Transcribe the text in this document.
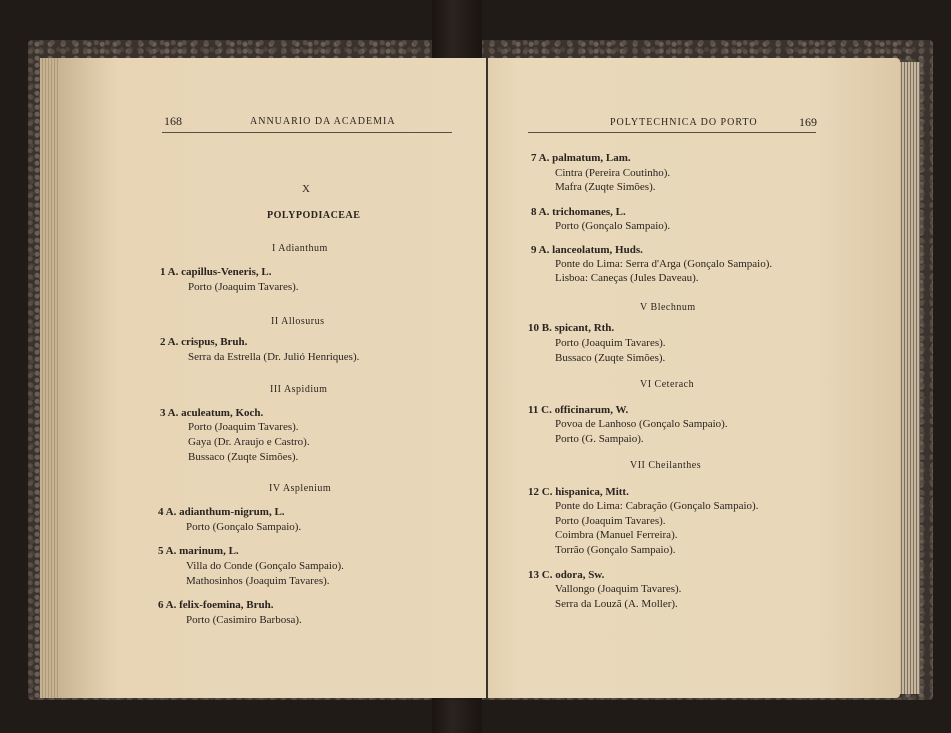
168	ANNUARIO DA ACADEMIA
X
POLYPODIACEAE
I Adianthum
1 A. capillus-Veneris, L.
Porto (Joaquim Tavares).
II Allosurus
2 A. crispus, Bruh.
Serra da Estrella (Dr. Julió Henriques).
III Aspidium
3 A. aculeatum, Koch.
Porto (Joaquim Tavares).
Gaya (Dr. Araujo e Castro).
Bussaco (Zuqte Simões).
IV Asplenium
4 A. adianthum-nigrum, L.
Porto (Gonçalo Sampaio).
5 A. marinum, L.
Villa do Conde (Gonçalo Sampaio).
Mathosinhos (Joaquim Tavares).
6 A. felix-foemina, Bruh.
Porto (Casimiro Barbosa).
POLYTECHNICA DO PORTO	169
7 A. palmatum, Lam.
Cintra (Pereira Coutinho).
Mafra (Zuqte Simões).
8 A. trichomanes, L.
Porto (Gonçalo Sampaio).
9 A. lanceolatum, Huds.
Ponte do Lima: Serra d'Arga (Gonçalo Sampaio).
Lisboa: Caneças (Jules Daveau).
V Blechnum
10 B. spicant, Rth.
Porto (Joaquim Tavares).
Bussaco (Zuqte Simões).
VI Ceterach
11 C. officinarum, W.
Povoa de Lanhoso (Gonçalo Sampaio).
Porto (G. Sampaio).
VII Cheilanthes
12 C. hispanica, Mitt.
Ponte do Lima: Cabração (Gonçalo Sampaio).
Porto (Joaquim Tavares).
Coimbra (Manuel Ferreira).
Torrão (Gonçalo Sampaio).
13 C. odora, Sw.
Vallongo (Joaquim Tavares).
Serra da Louzã (A. Moller).
